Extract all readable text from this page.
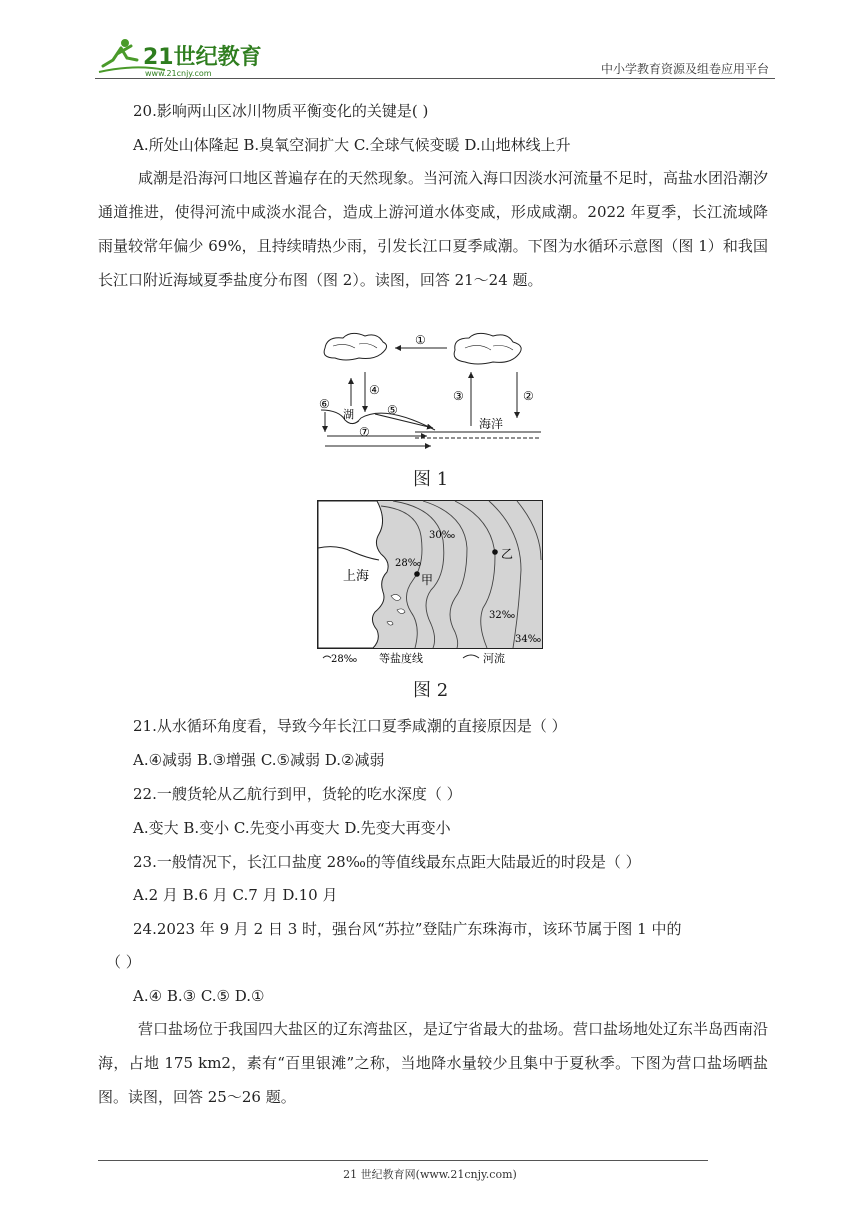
21世纪教育
www.21cnjy.com	中小学教育资源及组卷应用平台
20.影响两山区冰川物质平衡变化的关键是( )
A.所处山体隆起 B.臭氧空洞扩大 C.全球气候变暖 D.山地林线上升
咸潮是沿海河口地区普遍存在的天然现象。当河流入海口因淡水河流量不足时，高盐水团沿潮汐通道推进，使得河流中咸淡水混合，造成上游河道水体变咸，形成咸潮。2022 年夏季，长江流域降雨量较常年偏少 69%，且持续晴热少雨，引发长江口夏季咸潮。下图为水循环示意图（图 1）和我国长江口附近海域夏季盐度分布图（图 2）。读图，回答 21～24 题。
①
④	③	②
湖	⑤
⑥
⑦
海洋
图 1
28‰
30‰
32‰
34‰
上海	甲
乙
28‰ 等盐度线	河流
图 2
21.从水循环角度看，导致今年长江口夏季咸潮的直接原因是（ ）
A.④减弱 B.③增强 C.⑤减弱 D.②减弱
22.一艘货轮从乙航行到甲，货轮的吃水深度（ ）
A.变大 B.变小 C.先变小再变大 D.先变大再变小
23.一般情况下，长江口盐度 28‰的等值线最东点距大陆最近的时段是（ ）
A.2 月 B.6 月 C.7 月 D.10 月
24.2023 年 9 月 2 日 3 时，强台风“苏拉”登陆广东珠海市，该环节属于图 1 中的
（ ）
A.④ B.③ C.⑤ D.①
营口盐场位于我国四大盐区的辽东湾盐区，是辽宁省最大的盐场。营口盐场地处辽东半岛西南沿海，占地 175 km2，素有“百里银滩”之称，当地降水量较少且集中于夏秋季。下图为营口盐场晒盐图。读图，回答 25～26 题。
21 世纪教育网(www.21cnjy.com)
